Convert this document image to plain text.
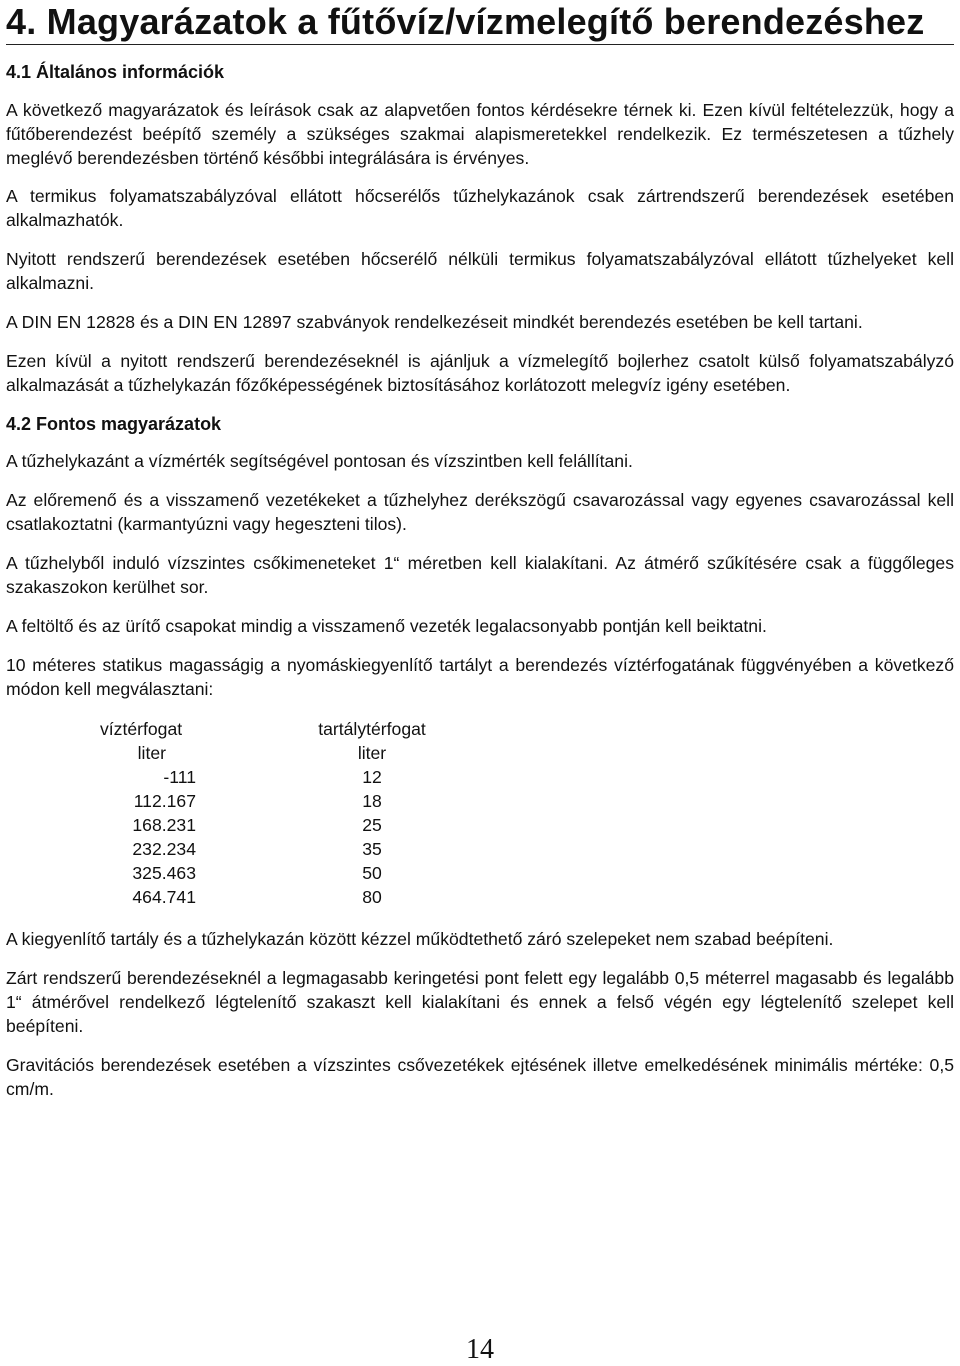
4. Magyarázatok a fűtővíz/vízmelegítő berendezéshez
4.1 Általános információk

A következő magyarázatok és leírások csak az alapvetően fontos kérdésekre térnek ki. Ezen kívül feltételezzük, hogy a fűtőberendezést beépítő személy a szükséges szakmai alapismeretekkel rendelkezik. Ez természetesen a tűzhely meglévő berendezésben történő későbbi integrálására is érvényes.

A termikus folyamatszabályzóval ellátott hőcserélős tűzhelykazánok csak zártrendszerű berendezések esetében alkalmazhatók.

Nyitott rendszerű berendezések esetében hőcserélő nélküli termikus folyamatszabályzóval ellátott tűzhelyeket kell alkalmazni.

A DIN EN 12828 és a DIN EN 12897 szabványok rendelkezéseit mindkét berendezés esetében be kell tartani.

Ezen kívül a nyitott rendszerű berendezéseknél is ajánljuk a vízmelegítő bojlerhez csatolt külső folyamatszabályzó alkalmazását a tűzhelykazán főzőképességének biztosításához korlátozott melegvíz igény esetében.

4.2 Fontos magyarázatok

A tűzhelykazánt a vízmérték segítségével pontosan és vízszintben kell felállítani.

Az előremenő és a visszamenő vezetékeket a tűzhelyhez derékszögű csavarozással vagy egyenes csavarozással kell csatlakoztatni (karmantyúzni vagy hegeszteni tilos).

A tűzhelyből induló vízszintes csőkimeneteket 1“ méretben kell kialakítani. Az átmérő szűkítésére csak a függőleges szakaszokon kerülhet sor.

A feltöltő és az ürítő csapokat mindig a visszamenő vezeték legalacsonyabb pontján kell beiktatni.

10 méteres statikus magasságig a nyomáskiegyenlítő tartályt a berendezés víztérfogatának függvényében a következő módon kell megválasztani:

víztérfogat	tartálytérfogat
liter	liter
-111	12
112.167	18
168.231	25
232.234	35
325.463	50
464.741	80

A kiegyenlítő tartály és a tűzhelykazán között kézzel működtethető záró szelepeket nem szabad beépíteni.

Zárt rendszerű berendezéseknél a legmagasabb keringetési pont felett egy legalább 0,5 méterrel magasabb és legalább 1“ átmérővel rendelkező légtelenítő szakaszt kell kialakítani és ennek a felső végén egy légtelenítő szelepet kell beépíteni.

Gravitációs berendezések esetében a vízszintes csővezetékek ejtésének illetve emelkedésének minimális mértéke: 0,5 cm/m.

14
